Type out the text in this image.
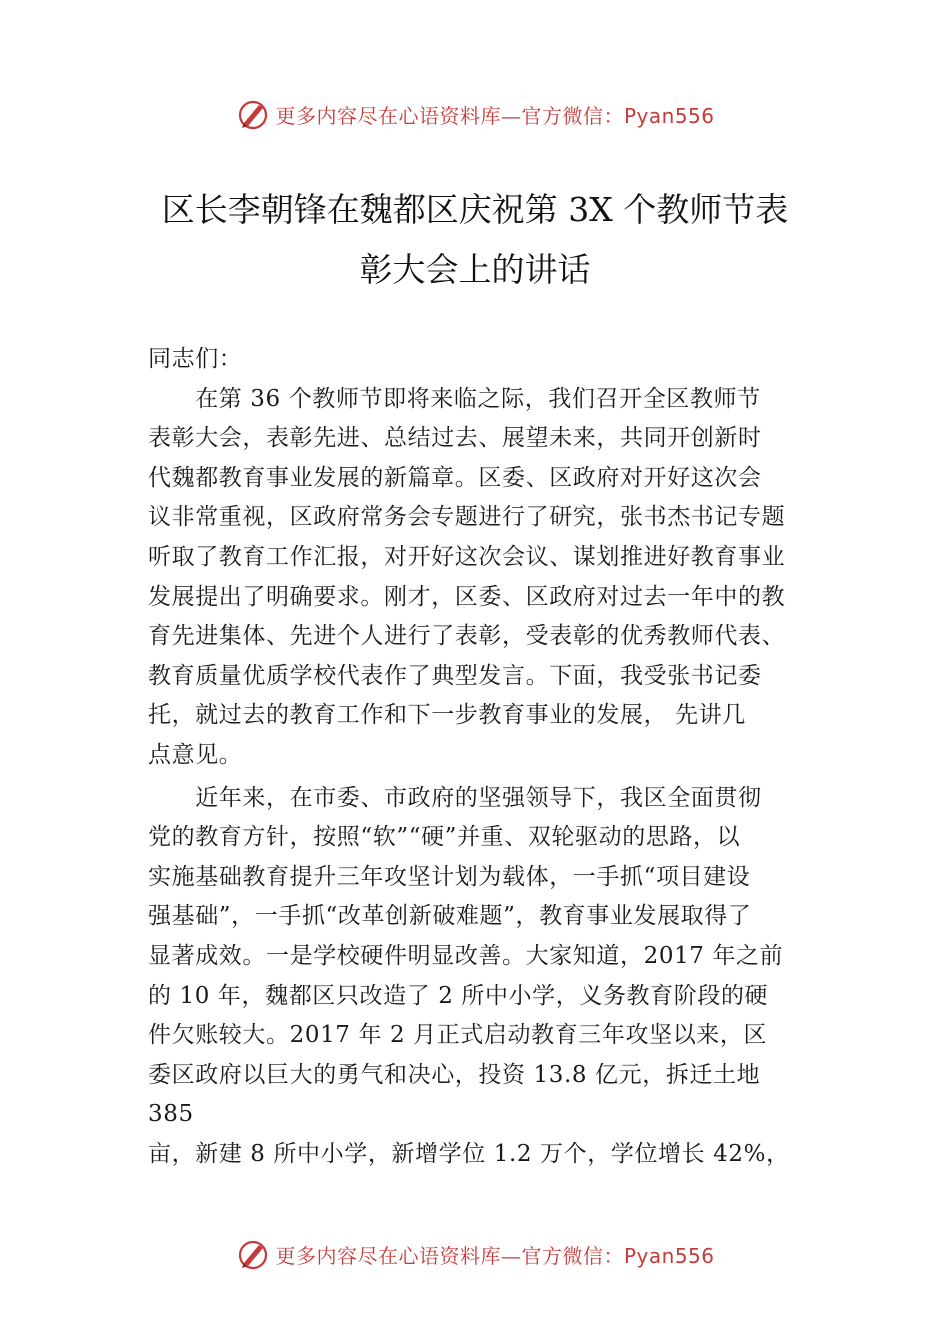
更多内容尽在心语资料库—官方微信：Pyan556
区长李朝锋在魏都区庆祝第 3X 个教师节表
彰大会上的讲话
同志们：
　　在第 36 个教师节即将来临之际，我们召开全区教师节
表彰大会，表彰先进、总结过去、展望未来，共同开创新时
代魏都教育事业发展的新篇章。区委、区政府对开好这次会
议非常重视，区政府常务会专题进行了研究，张书杰书记专题
听取了教育工作汇报，对开好这次会议、谋划推进好教育事业
发展提出了明确要求。刚才，区委、区政府对过去一年中的教
育先进集体、先进个人进行了表彰，受表彰的优秀教师代表、
教育质量优质学校代表作了典型发言。下面，我受张书记委
托，就过去的教育工作和下一步教育事业的发展， 先讲几
点意见。
　　近年来，在市委、市政府的坚强领导下，我区全面贯彻
党的教育方针，按照“软”“硬”并重、双轮驱动的思路，以
实施基础教育提升三年攻坚计划为载体，一手抓“项目建设
强基础”，一手抓“改革创新破难题”，教育事业发展取得了
显著成效。一是学校硬件明显改善。大家知道，2017 年之前
的 10 年，魏都区只改造了 2 所中小学，义务教育阶段的硬
件欠账较大。2017 年 2 月正式启动教育三年攻坚以来，区
委区政府以巨大的勇气和决心，投资 13.8 亿元，拆迁土地
385
亩，新建 8 所中小学，新增学位 1.2 万个，学位增长 42%，
更多内容尽在心语资料库—官方微信：Pyan556
